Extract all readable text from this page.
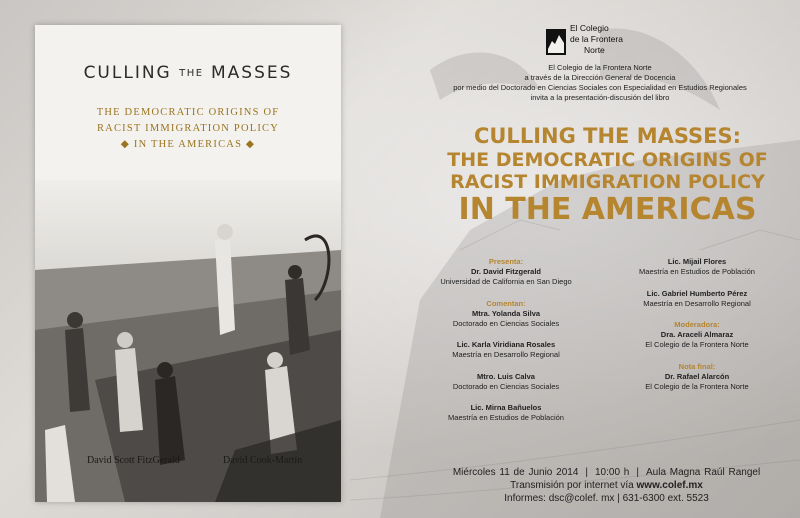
CULLING THE MASSES
THE DEMOCRATIC ORIGINS OF
RACIST IMMIGRATION POLICY
◆ IN THE AMERICAS ◆
David Scott FitzGerald	David Cook-Martín
El Colegio
de la Frontera
Norte
El Colegio de la Frontera Norte
a través de la Dirección General de Docencia
por medio del Doctorado en Ciencias Sociales con Especialidad en Estudios Regionales
invita a la presentación-discusión del libro
CULLING THE MASSES:
THE DEMOCRATIC ORIGINS OF
RACIST IMMIGRATION POLICY
IN THE AMERICAS
Presenta:
Dr. David Fitzgerald
Universidad de California en San Diego
Comentan:
Mtra. Yolanda Silva
Doctorado en Ciencias Sociales
Lic. Karla Viridiana Rosales
Maestría en Desarrollo Regional
Mtro. Luis Calva
Doctorado en Ciencias Sociales
Lic. Mirna Bañuelos
Maestría en Estudios de Población
Lic. Mijail Flores
Maestría en Estudios de Población
Lic. Gabriel Humberto Pérez
Maestría en Desarrollo Regional
Moderadora:
Dra. Araceli Almaraz
El Colegio de la Frontera Norte
Nota final:
Dr. Rafael Alarcón
El Colegio de la Frontera Norte
Miércoles 11 de Junio 2014 | 10:00 h | Aula Magna Raúl Rangel
Transmisión por internet vía www.colef.mx
Informes: dsc@colef. mx | 631-6300 ext. 5523
